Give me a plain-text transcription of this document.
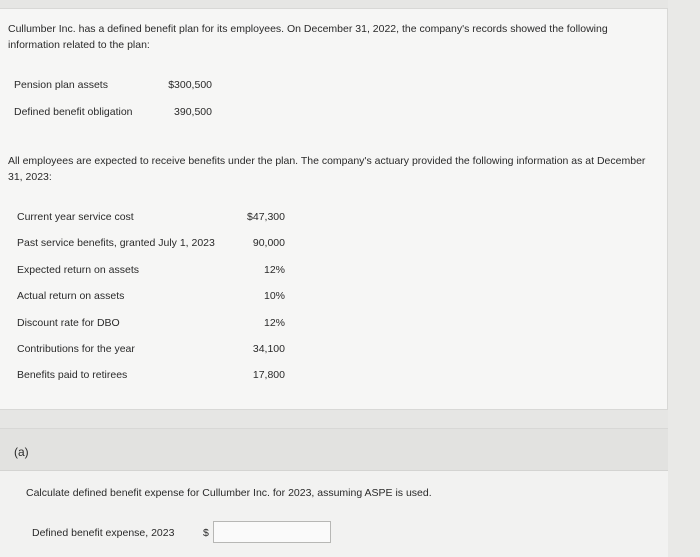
Cullumber Inc. has a defined benefit plan for its employees. On December 31, 2022, the company's records showed the following information related to the plan:

Pension plan assets	$300,500
Defined benefit obligation	390,500

All employees are expected to receive benefits under the plan. The company's actuary provided the following information as at December 31, 2023:

Current year service cost	$47,300
Past service benefits, granted July 1, 2023	90,000
Expected return on assets	12%
Actual return on assets	10%
Discount rate for DBO	12%
Contributions for the year	34,100
Benefits paid to retirees	17,800
(a)
Calculate defined benefit expense for Cullumber Inc. for 2023, assuming ASPE is used.
Defined benefit expense, 2023	$
